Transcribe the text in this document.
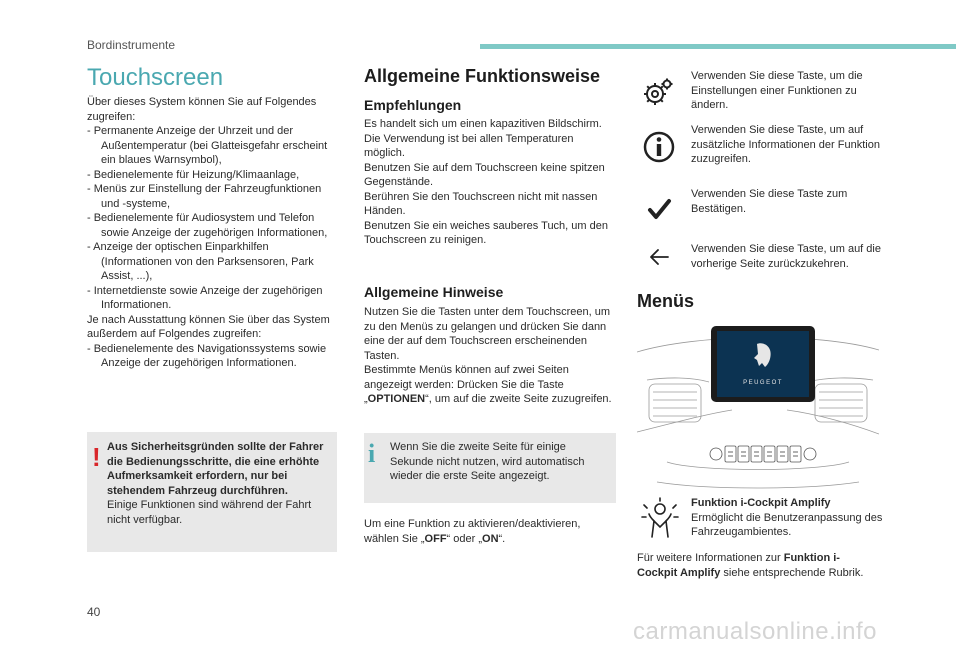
Bordinstrumente
Touchscreen

Über dieses System können Sie auf Folgendes zugreifen:

- Permanente Anzeige der Uhrzeit und der Außentemperatur (bei Glatteisgefahr erscheint ein blaues Warnsymbol),

- Bedienelemente für Heizung/Klimaanlage,

- Menüs zur Einstellung der Fahrzeugfunktionen und -systeme,

- Bedienelemente für Audiosystem und Telefon sowie Anzeige der zugehörigen Informationen,

- Anzeige der optischen Einparkhilfen (Informationen von den Parksensoren, Park Assist, ...),

- Internetdienste sowie Anzeige der zugehörigen Informationen.

Je nach Ausstattung können Sie über das System außerdem auf Folgendes zugreifen:

- Bedienelemente des Navigationssystems sowie Anzeige der zugehörigen Informationen.

! Aus Sicherheitsgründen sollte der Fahrer die Bedienungsschritte, die eine erhöhte Aufmerksamkeit erfordern, nur bei stehendem Fahrzeug durchführen.

Einige Funktionen sind während der Fahrt nicht verfügbar.

Allgemeine Funktionsweise
Empfehlungen

Es handelt sich um einen kapazitiven Bildschirm.

Die Verwendung ist bei allen Temperaturen möglich.

Benutzen Sie auf dem Touchscreen keine spitzen Gegenstände.

Berühren Sie den Touchscreen nicht mit nassen Händen.

Benutzen Sie ein weiches sauberes Tuch, um den Touchscreen zu reinigen.

Allgemeine Hinweise

Nutzen Sie die Tasten unter dem Touchscreen, um zu den Menüs zu gelangen und drücken Sie dann eine der auf dem Touchscreen erscheinenden Tasten.

Bestimmte Menüs können auf zwei Seiten angezeigt werden: Drücken Sie die Taste „OPTIONEN“, um auf die zweite Seite zuzugreifen.

i Wenn Sie die zweite Seite für einige Sekunde nicht nutzen, wird automatisch wieder die erste Seite angezeigt.
Um eine Funktion zu aktivieren/deaktivieren, wählen Sie „OFF“ oder „ON“.
Verwenden Sie diese Taste, um die Einstellungen einer Funktionen zu ändern.
Verwenden Sie diese Taste, um auf zusätzliche Informationen der Funktion zuzugreifen.
Verwenden Sie diese Taste zum Bestätigen.
Verwenden Sie diese Taste, um auf die vorherige Seite zurückzukehren.
Menüs
PEUGEOT

Funktion i-Cockpit Amplify

Ermöglicht die Benutzeranpassung des Fahrzeugambientes.

Für weitere Informationen zur Funktion i-Cockpit Amplify siehe entsprechende Rubrik.
40
carmanualsonline.info
